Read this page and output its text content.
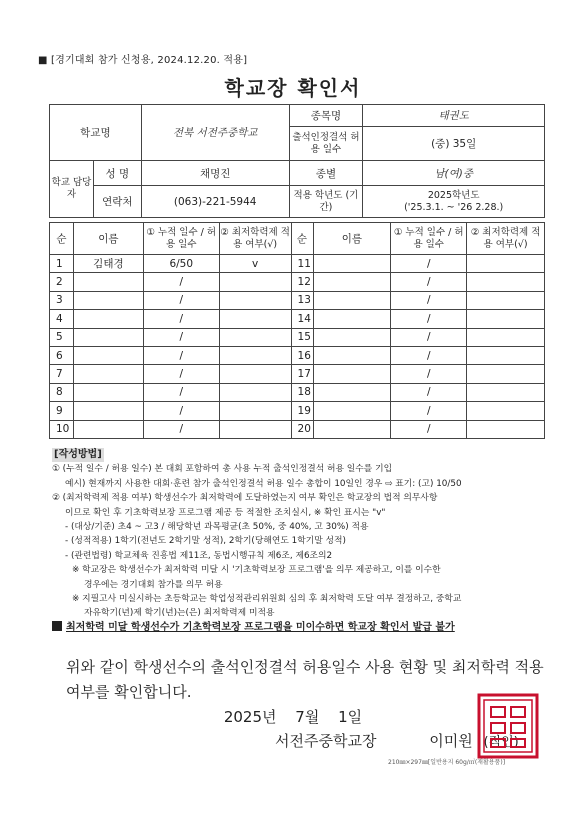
■ [경기대회 참가 신청용, 2024.12.20. 적용]
학교장 확인서
학교명		전북 서전주중학교	종목명	태권도
			출석인정결석 허용 일수	(중) 35일
학교 담당자	성 명	채명진	종별	남(여)중
	연락처	(063)-221-5944	적용 학년도 (기간)	2025학년도
('25.3.1. ~ '26 2.28.)
순	이름	① 누적 일수 / 허용 일수	② 최저학력제 적용 여부(√)	순	이름	① 누적 일수 / 허용 일수	② 최저학력제 적용 여부(√)
1	김태경	6/50	v	11		/	
2		/		12		/	
3		/		13		/	
4		/		14		/	
5		/		15		/	
6		/		16		/	
7		/		17		/	
8		/		18		/	
9		/		19		/	
10		/		20		/	

[작성방법]

① (누적 일수 / 허용 일수) 본 대회 포함하여 총 사용 누적 출석인정결석 허용 일수를 기입

예시) 현재까지 사용한 대회·훈련 참가 출석인정결석 허용 일수 총합이 10일인 경우 ⇨ 표기: (고) 10/50

② (최저학력제 적용 여부) 학생선수가 최저학력에 도달하였는지 여부 확인은 학교장의 법적 의무사항

이므로 확인 후 기초학력보장 프로그램 제공 등 적절한 조치실시, ※ 확인 표시는 "v"

- (대상/기준) 초4 ~ 고3 / 해당학년 과목평균(초 50%, 중 40%, 고 30%) 적용

- (성적적용) 1학기(전년도 2학기말 성적), 2학기(당해연도 1학기말 성적)

- (관련법령) 학교체육 진흥법 제11조, 동법시행규칙 제6조, 제6조의2

※ 학교장은 학생선수가 최저학력 미달 시 '기초학력보장 프로그램'을 의무 제공하고, 이를 이수한

경우에는 경기대회 참가를 의무 허용

※ 지필고사 미실시하는 초등학교는 학업성적관리위원회 심의 후 최저학력 도달 여부 결정하고, 중학교

자유학기(년)제 학기(년)는(은) 최저학력제 미적용

최저학력 미달 학생선수가 기초학력보장 프로그램을 미이수하면 학교장 확인서 발급 불가

위와 같이 학생선수의 출석인정결석 허용일수 사용 현황 및 최저학력 적용 여부를 확인합니다.
2025년 7월 1일
서전주중학교장	이미원 (직인)
210㎜×297㎜[일반용지 60g/㎡(재활용품)]
